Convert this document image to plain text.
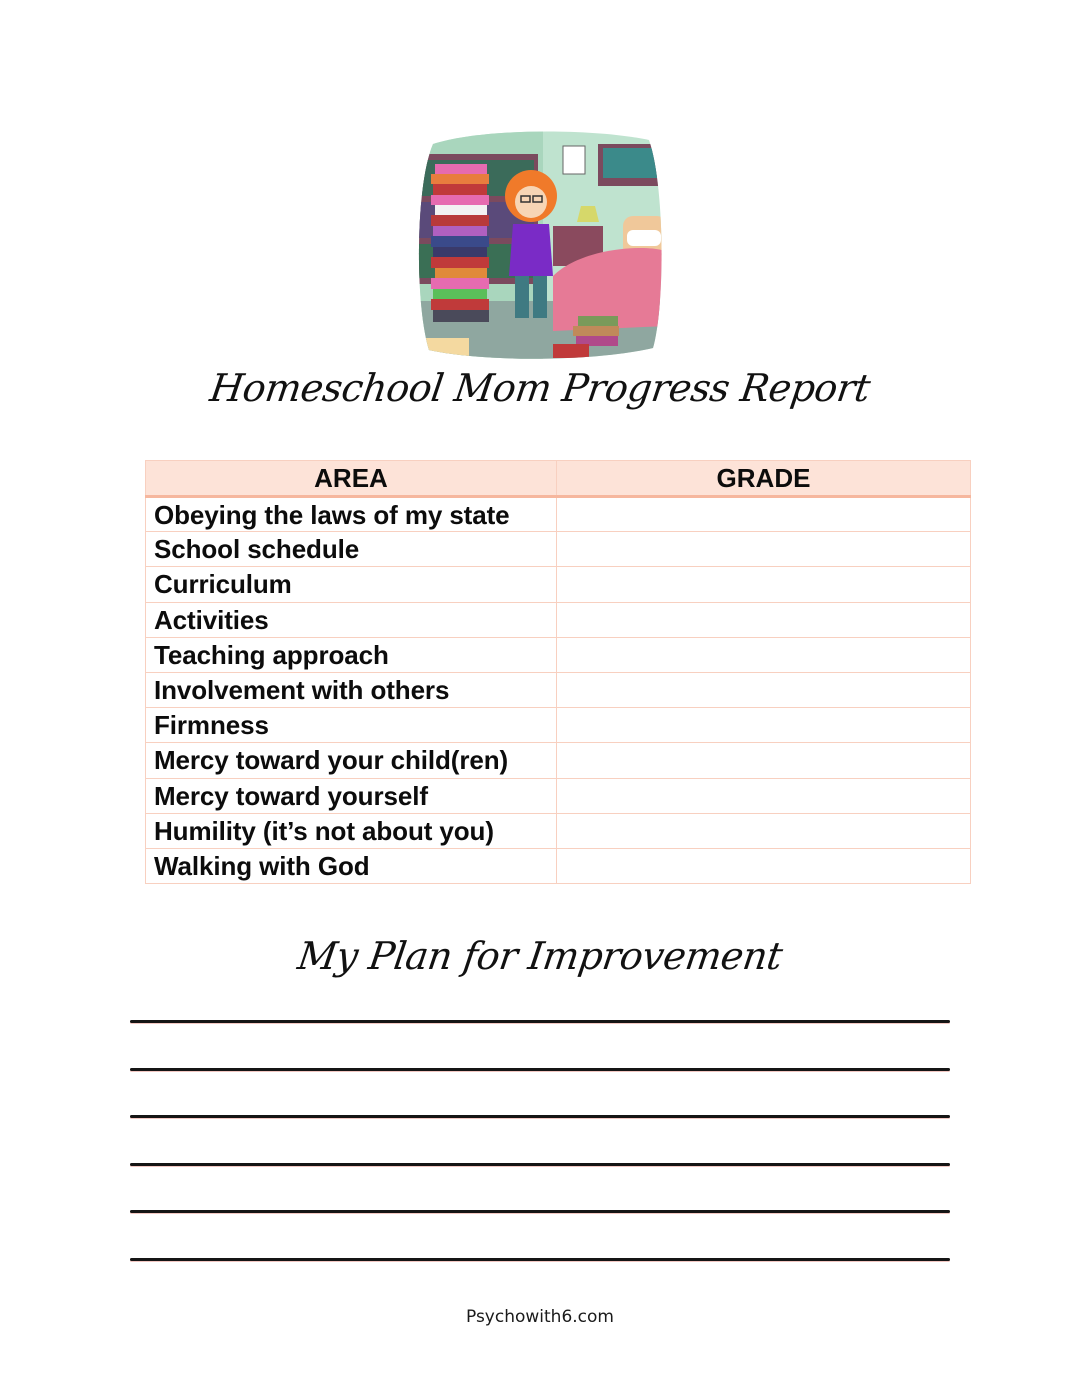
Homeschool Mom Progress Report
AREA	GRADE
Obeying the laws of my state	
School schedule	
Curriculum	
Activities	
Teaching approach	
Involvement with others	
Firmness	
Mercy toward your child(ren)	
Mercy toward yourself	
Humility (it’s not about you)	
Walking with God	
My Plan for Improvement
Psychowith6.com
